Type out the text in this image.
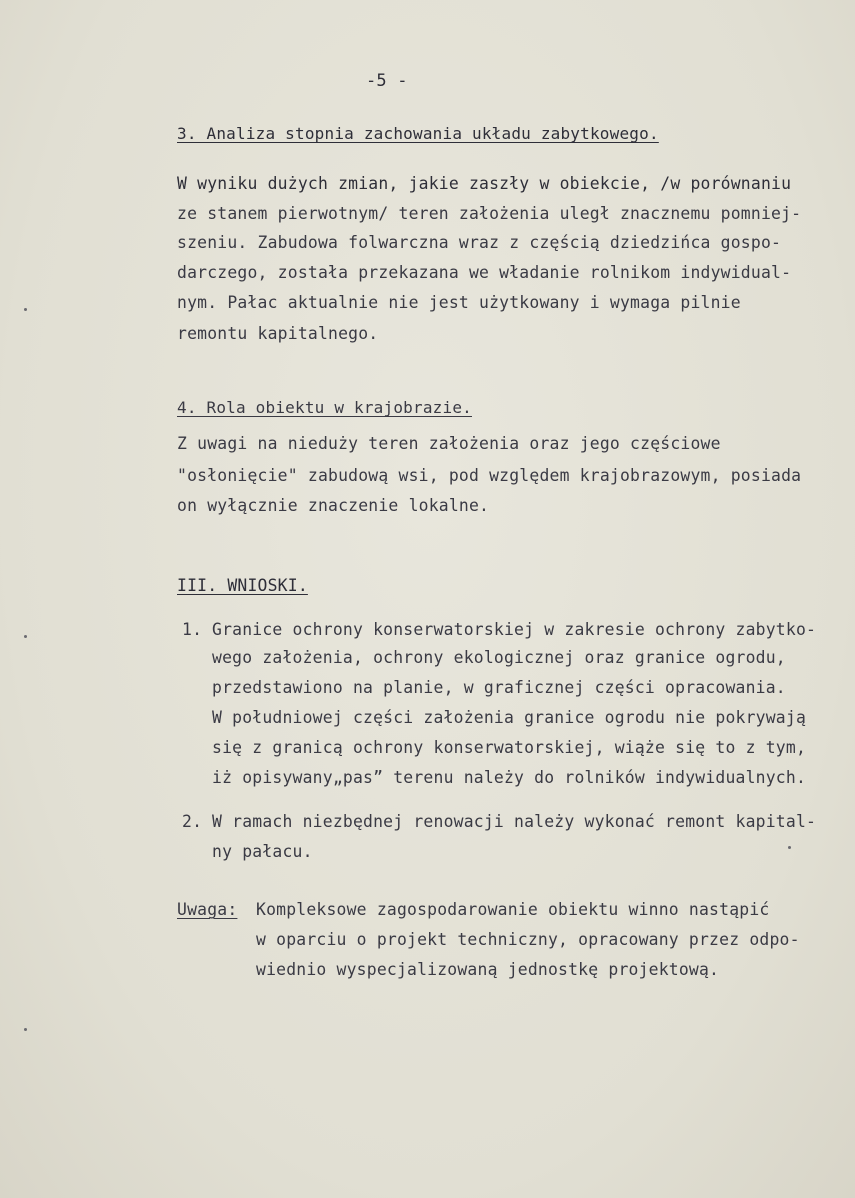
-5 -
3. Analiza stopnia zachowania układu zabytkowego.
W wyniku dużych zmian, jakie zaszły w obiekcie, /w porównaniu
ze stanem pierwotnym/ teren założenia uległ znacznemu pomniej-
szeniu. Zabudowa folwarczna wraz z częścią dziedzińca gospo-
darczego, została przekazana we władanie rolnikom indywidual-
nym. Pałac aktualnie nie jest użytkowany i wymaga pilnie
remontu kapitalnego.
4. Rola obiektu w krajobrazie.
Z uwagi na nieduży teren założenia oraz jego częściowe
"osłonięcie" zabudową wsi, pod względem krajobrazowym, posiada
on wyłącznie znaczenie lokalne.
III. WNIOSKI.
1. Granice ochrony konserwatorskiej w zakresie ochrony zabytko-
wego założenia, ochrony ekologicznej oraz granice ogrodu,
przedstawiono na planie, w graficznej części opracowania.
W południowej części założenia granice ogrodu nie pokrywają
się z granicą ochrony konserwatorskiej, wiąże się to z tym,
iż opisywany„pas” terenu należy do rolników indywidualnych.
2. W ramach niezbędnej renowacji należy wykonać remont kapital-
ny pałacu.
Uwaga: Kompleksowe zagospodarowanie obiektu winno nastąpić
w oparciu o projekt techniczny, opracowany przez odpo-
wiednio wyspecjalizowaną jednostkę projektową.
